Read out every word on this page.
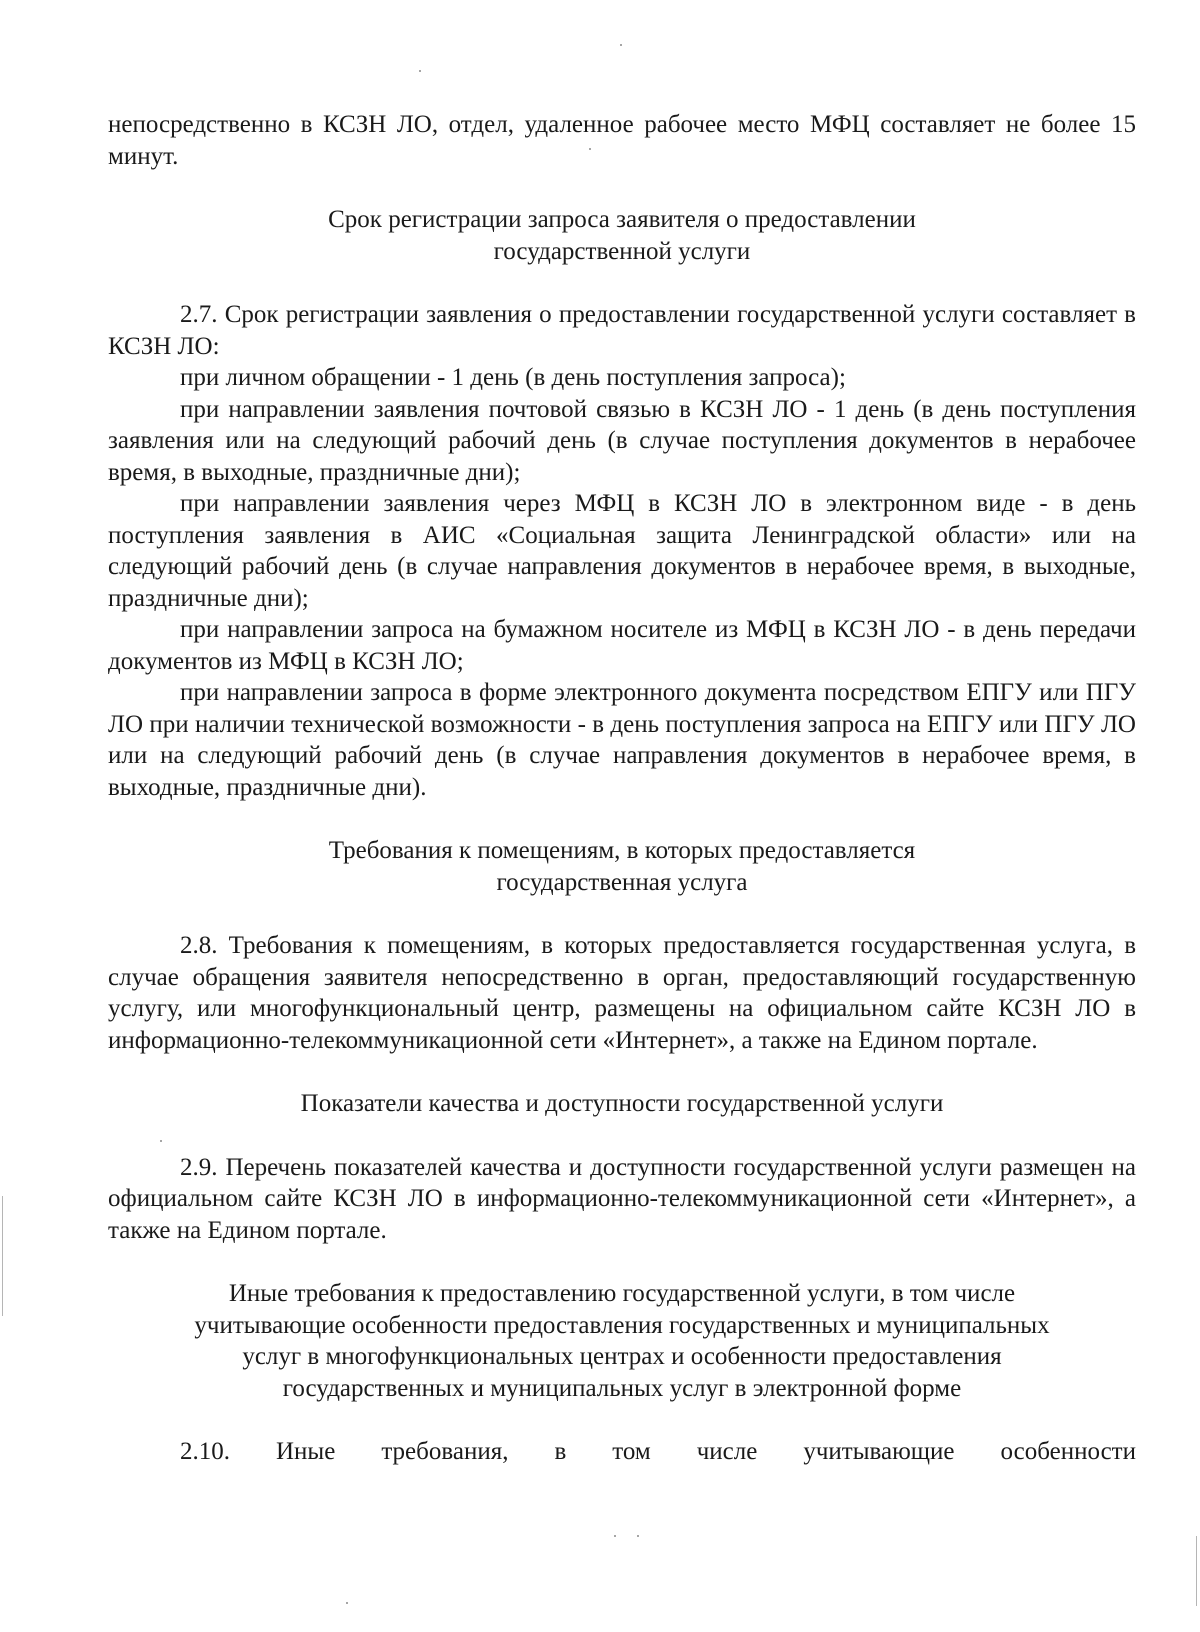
непосредственно в КСЗН ЛО, отдел, удаленное рабочее место МФЦ составляет не более 15 минут.

Срок регистрации запроса заявителя о предоставлении
государственной услуги

2.7. Срок регистрации заявления о предоставлении государственной услуги составляет в КСЗН ЛО:

при личном обращении - 1 день (в день поступления запроса);

при направлении заявления почтовой связью в КСЗН ЛО - 1 день (в день поступления заявления или на следующий рабочий день (в случае поступления документов в нерабочее время, в выходные, праздничные дни);

при направлении заявления через МФЦ в КСЗН ЛО в электронном виде - в день поступления заявления в АИС «Социальная защита Ленинградской области» или на следующий рабочий день (в случае направления документов в нерабочее время, в выходные, праздничные дни);

при направлении запроса на бумажном носителе из МФЦ в КСЗН ЛО - в день передачи документов из МФЦ в КСЗН ЛО;

при направлении запроса в форме электронного документа посредством ЕПГУ или ПГУ ЛО при наличии технической возможности - в день поступления запроса на ЕПГУ или ПГУ ЛО или на следующий рабочий день (в случае направления документов в нерабочее время, в выходные, праздничные дни).

Требования к помещениям, в которых предоставляется
государственная услуга

2.8. Требования к помещениям, в которых предоставляется государственная услуга, в случае обращения заявителя непосредственно в орган, предоставляющий государственную услугу, или многофункциональный центр, размещены на официальном сайте КСЗН ЛО в информационно-телекоммуникационной сети «Интернет», а также на Едином портале.

Показатели качества и доступности государственной услуги

2.9. Перечень показателей качества и доступности государственной услуги размещен на официальном сайте КСЗН ЛО в информационно-телекоммуникационной сети «Интернет», а также на Едином портале.

Иные требования к предоставлению государственной услуги, в том числе
учитывающие особенности предоставления государственных и муниципальных
услуг в многофункциональных центрах и особенности предоставления
государственных и муниципальных услуг в электронной форме
2.10. Иные требования, в том числе учитывающие особенности
